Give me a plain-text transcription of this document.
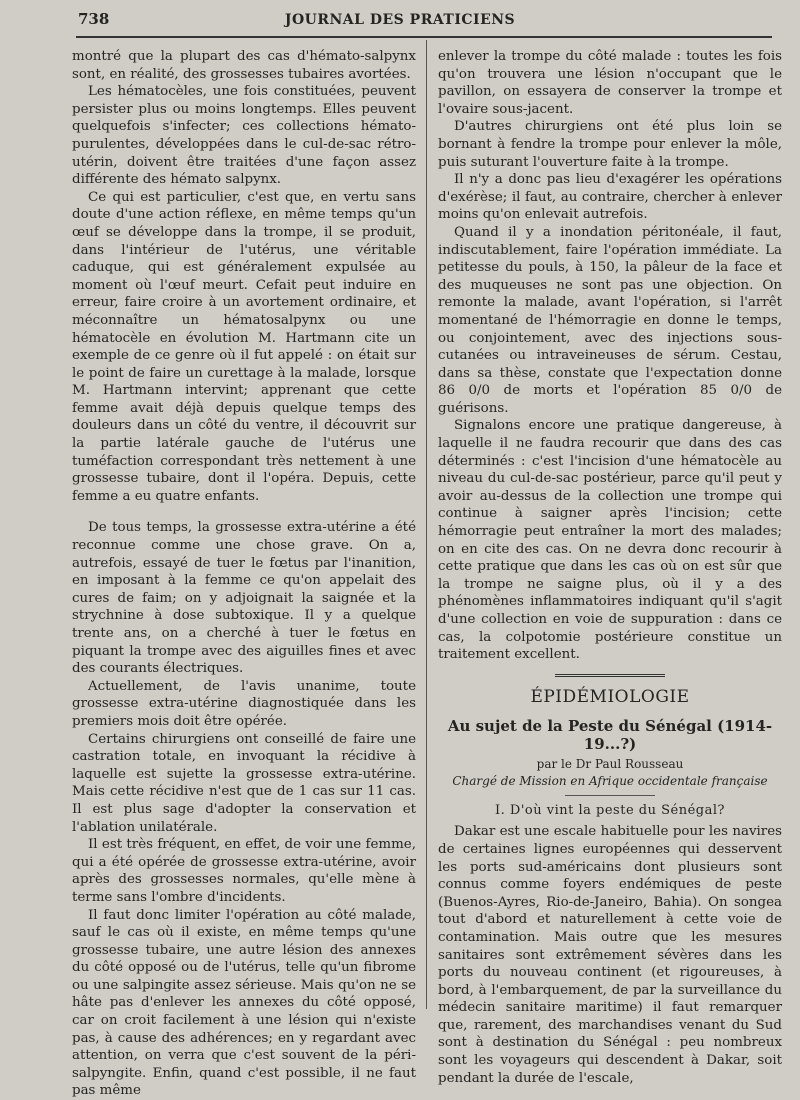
738	JOURNAL DES PRATICIENS

montré que la plupart des cas d'hémato-salpynx sont, en réalité, des grossesses tubaires avortées.

Les hématocèles, une fois constituées, peuvent persister plus ou moins longtemps. Elles peuvent quelquefois s'infecter; ces collections hémato-purulentes, développées dans le cul-de-sac rétro-utérin, doivent être traitées d'une façon assez différente des hémato salpynx.

Ce qui est particulier, c'est que, en vertu sans doute d'une action réflexe, en même temps qu'un œuf se développe dans la trompe, il se produit, dans l'intérieur de l'utérus, une véritable caduque, qui est généralement expulsée au moment où l'œuf meurt. Cefait peut induire en erreur, faire croire à un avortement ordinaire, et méconnaître un hématosalpynx ou une hématocèle en évolution M. Hartmann cite un exemple de ce genre où il fut appelé : on était sur le point de faire un curettage à la malade, lorsque M. Hartmann intervint; apprenant que cette femme avait déjà depuis quelque temps des douleurs dans un côté du ventre, il découvrit sur la partie latérale gauche de l'utérus une tuméfaction correspondant très nettement à une grossesse tubaire, dont il l'opéra. Depuis, cette femme a eu quatre enfants.

De tous temps, la grossesse extra-utérine a été reconnue comme une chose grave. On a, autrefois, essayé de tuer le fœtus par l'inanition, en imposant à la femme ce qu'on appelait des cures de faim; on y adjoignait la saignée et la strychnine à dose subtoxique. Il y a quelque trente ans, on a cherché à tuer le fœtus en piquant la trompe avec des aiguilles fines et avec des courants électriques.

Actuellement, de l'avis unanime, toute grossesse extra-utérine diagnostiquée dans les premiers mois doit être opérée.

Certains chirurgiens ont conseillé de faire une castration totale, en invoquant la récidive à laquelle est sujette la grossesse extra-utérine. Mais cette récidive n'est que de 1 cas sur 11 cas. Il est plus sage d'adopter la conservation et l'ablation unilatérale.

Il est très fréquent, en effet, de voir une femme, qui a été opérée de grossesse extra-utérine, avoir après des grossesses normales, qu'elle mène à terme sans l'ombre d'incidents.

Il faut donc limiter l'opération au côté malade, sauf le cas où il existe, en même temps qu'une grossesse tubaire, une autre lésion des annexes du côté opposé ou de l'utérus, telle qu'un fibrome ou une salpingite assez sérieuse. Mais qu'on ne se hâte pas d'enlever les annexes du côté opposé, car on croit facilement à une lésion qui n'existe pas, à cause des adhérences; en y regardant avec attention, on verra que c'est souvent de la péri-salpyngite. Enfin, quand c'est possible, il ne faut pas même

enlever la trompe du côté malade : toutes les fois qu'on trouvera une lésion n'occupant que le pavillon, on essayera de conserver la trompe et l'ovaire sous-jacent.

D'autres chirurgiens ont été plus loin se bornant à fendre la trompe pour enlever la môle, puis suturant l'ouverture faite à la trompe.

Il n'y a donc pas lieu d'exagérer les opérations d'exérèse; il faut, au contraire, chercher à enlever moins qu'on enlevait autrefois.

Quand il y a inondation péritonéale, il faut, indiscutablement, faire l'opération immédiate. La petitesse du pouls, à 150, la pâleur de la face et des muqueuses ne sont pas une objection. On remonte la malade, avant l'opération, si l'arrêt momentané de l'hémorragie en donne le temps, ou conjointement, avec des injections sous-cutanées ou intraveineuses de sérum. Cestau, dans sa thèse, constate que l'expectation donne 86 0/0 de morts et l'opération 85 0/0 de guérisons.

Signalons encore une pratique dangereuse, à laquelle il ne faudra recourir que dans des cas déterminés : c'est l'incision d'une hématocèle au niveau du cul-de-sac postérieur, parce qu'il peut y avoir au-dessus de la collection une trompe qui continue à saigner après l'incision; cette hémorragie peut entraîner la mort des malades; on en cite des cas. On ne devra donc recourir à cette pratique que dans les cas où on est sûr que la trompe ne saigne plus, où il y a des phénomènes inflammatoires indiquant qu'il s'agit d'une collection en voie de suppuration : dans ce cas, la colpotomie postérieure constitue un traitement excellent.

ÉPIDÉMIOLOGIE
Au sujet de la Peste du Sénégal (1914-19...?)
par le Dr Paul Rousseau
Chargé de Mission en Afrique occidentale française
I. D'où vint la peste du Sénégal?

Dakar est une escale habituelle pour les navires de certaines lignes européennes qui desservent les ports sud-américains dont plusieurs sont connus comme foyers endémiques de peste (Buenos-Ayres, Rio-de-Janeiro, Bahia). On songea tout d'abord et naturellement à cette voie de contamination. Mais outre que les mesures sanitaires sont extrêmement sévères dans les ports du nouveau continent (et rigoureuses, à bord, à l'embarquement, de par la surveillance du médecin sanitaire maritime) il faut remarquer que, rarement, des marchandises venant du Sud sont à destination du Sénégal : peu nombreux sont les voyageurs qui descendent à Dakar, soit pendant la durée de l'escale,
